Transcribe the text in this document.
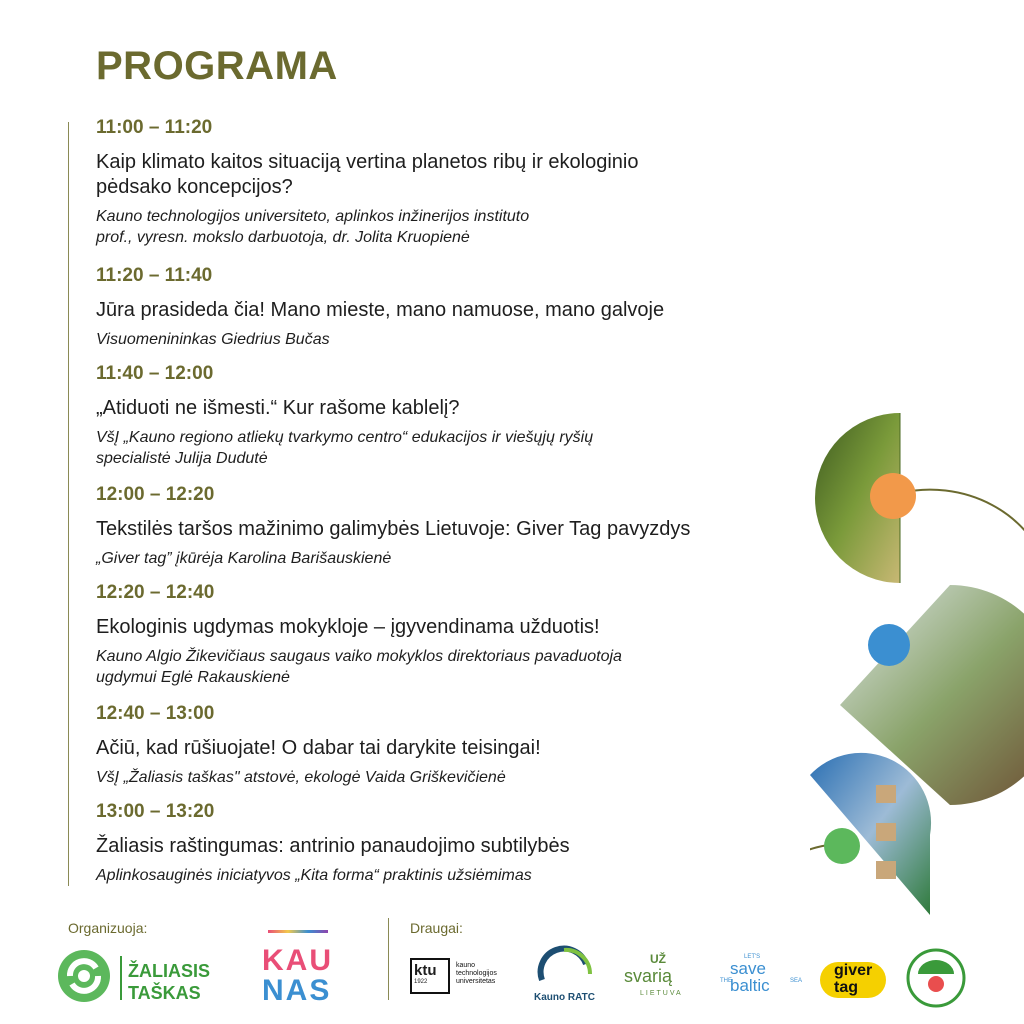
PROGRAMA
11:00 – 11:20
Kaip klimato kaitos situaciją vertina planetos ribų ir ekologinio
pėdsako koncepcijos?
Kauno technologijos universiteto, aplinkos inžinerijos instituto
prof., vyresn. mokslo darbuotoja, dr. Jolita Kruopienė
11:20 – 11:40
Jūra prasideda čia! Mano mieste, mano namuose, mano galvoje
Visuomenininkas Giedrius Bučas
11:40 – 12:00
„Atiduoti ne išmesti.“ Kur rašome kablelį?
VšĮ „Kauno regiono atliekų tvarkymo centro“ edukacijos ir viešųjų ryšių
specialistė Julija Dudutė
12:00 – 12:20
Tekstilės taršos mažinimo galimybės Lietuvoje: Giver Tag pavyzdys
„Giver tag” įkūrėja Karolina Barišauskienė
12:20 – 12:40
Ekologinis ugdymas mokykloje – įgyvendinama užduotis!
Kauno Algio Žikevičiaus saugaus vaiko mokyklos direktoriaus pavaduotoja
ugdymui Eglė Rakauskienė
12:40 – 13:00
Ačiū, kad rūšiuojate! O dabar tai darykite teisingai!
VšĮ „Žaliasis taškas" atstovė, ekologė Vaida Griškevičienė
13:00 – 13:20
Žaliasis raštingumas: antrinio panaudojimo subtilybės
Aplinkosauginės iniciatyvos „Kita forma“ praktinis užsiėmimas
Organizuoja:	Draugai:
ŽALIASIS
TAŠKAS
KAU
NAS
ktu
1922
kauno technologijos universitetas
Kauno RATC
UŽ
svarią
LIETUVA
LET'S
save
baltic
THE	SEA
giver
tag
